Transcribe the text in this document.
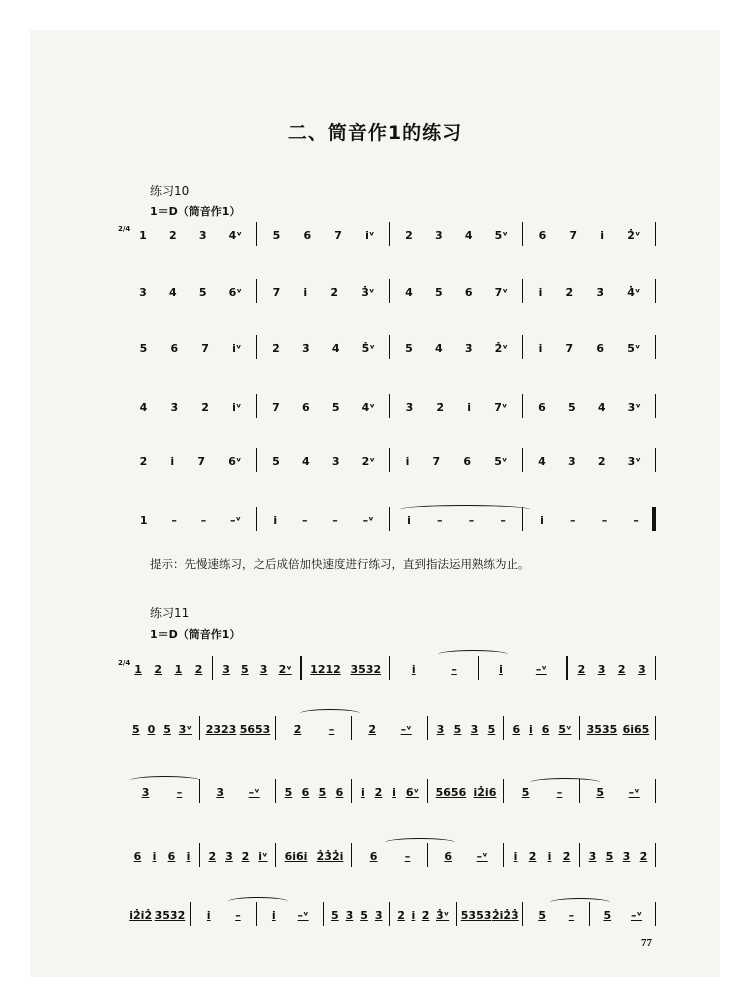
二、筒音作1的练习
练习10
1＝D（筒音作1）
2/4 1 2 3 4ᵛ	5 6 7 i̇ᵛ	2 3 4 5ᵛ	6 7 i̇ 2̇ᵛ
3 4 5 6ᵛ	7 i̇ 2̇ 3̇ᵛ	4 5 6 7ᵛ	i̇ 2̇ 3̇ 4̇ᵛ
5 6 7 i̇ᵛ	2̇ 3̇ 4̇ 5̇ᵛ	5̇ 4̇ 3̇ 2̇ᵛ	i̇ 7 6 5ᵛ
4̇ 3̇ 2̇ i̇ᵛ	7 6 5 4ᵛ	3̇ 2̇ i̇ 7ᵛ	6 5 4 3ᵛ
2̇ i̇ 7 6ᵛ	5 4 3 2ᵛ	i̇ 7 6 5ᵛ	4 3 2 3ᵛ
1 – – –ᵛ	i̇ – – –ᵛ	i̇ – – –	i̇ – – –
提示：先慢速练习，之后成倍加快速度进行练习，直到指法运用熟练为止。
练习11
1＝D（筒音作1）
2/4 1 2 1 2 3 5 3 2ᵛ 1212 3532	i̇	–	i̇	–ᵛ	2 3 2 3
5 0 5 3ᵛ 2323 5653 2̇ –	2̇ –ᵛ 3 5 3 5 6 i̇ 6 5ᵛ 3535 6i̇65
3 –	3 –ᵛ 5 6 5 6 i̇ 2̇ i̇ 6ᵛ 5656 i̇2̇i̇6 5 –	5 –ᵛ
6 i̇ 6 i̇ 2̇ 3̇ 2̇ i̇ᵛ 6i̇6i̇ 2̇3̇2̇i̇ 6 –	6 –ᵛ i̇ 2̇ i̇ 2̇ 3̇ 5̇ 3̇ 2̇
i̇2̇i̇2̇ 3̇5̇3̇2̇ i̇ –	i̇ –ᵛ 5̇ 3̇ 5̇ 3̇ 2̇ i̇ 2̇ 3̇ᵛ 5̇3̇5̇3̇ 2̇i̇2̇3̇ 5̇ –	5̇ –ᵛ
77
